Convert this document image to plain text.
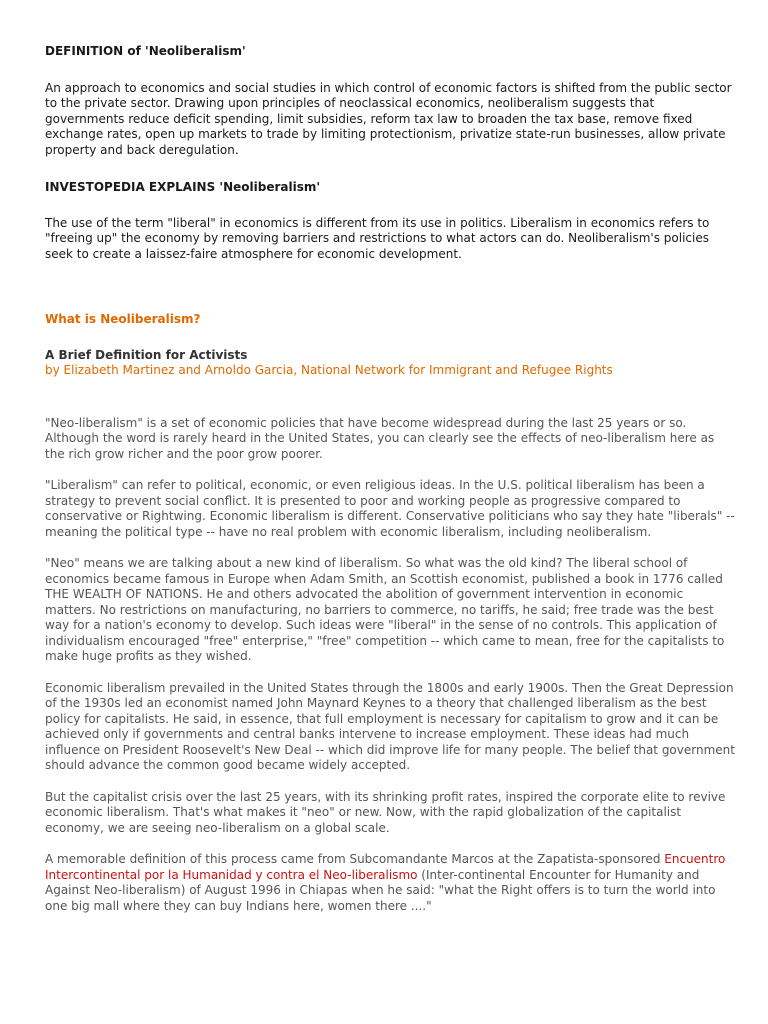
DEFINITION of 'Neoliberalism'

An approach to economics and social studies in which control of economic factors is shifted from the public sector to the private sector. Drawing upon principles of neoclassical economics, neoliberalism suggests that governments reduce deficit spending, limit subsidies, reform tax law to broaden the tax base, remove fixed exchange rates, open up markets to trade by limiting protectionism, privatize state-run businesses, allow private property and back deregulation.

INVESTOPEDIA EXPLAINS 'Neoliberalism'

The use of the term "liberal" in economics is different from its use in politics. Liberalism in economics refers to "freeing up" the economy by removing barriers and restrictions to what actors can do. Neoliberalism's policies seek to create a laissez-faire atmosphere for economic development.

What is Neoliberalism?

A Brief Definition for Activists

by Elizabeth Martinez and Arnoldo Garcia, National Network for Immigrant and Refugee Rights

"Neo-liberalism" is a set of economic policies that have become widespread during the last 25 years or so. Although the word is rarely heard in the United States, you can clearly see the effects of neo-liberalism here as the rich grow richer and the poor grow poorer.

"Liberalism" can refer to political, economic, or even religious ideas. In the U.S. political liberalism has been a strategy to prevent social conflict. It is presented to poor and working people as progressive compared to conservative or Rightwing. Economic liberalism is different. Conservative politicians who say they hate "liberals" -- meaning the political type -- have no real problem with economic liberalism, including neoliberalism.

"Neo" means we are talking about a new kind of liberalism. So what was the old kind? The liberal school of economics became famous in Europe when Adam Smith, an Scottish economist, published a book in 1776 called THE WEALTH OF NATIONS. He and others advocated the abolition of government intervention in economic matters. No restrictions on manufacturing, no barriers to commerce, no tariffs, he said; free trade was the best way for a nation's economy to develop. Such ideas were "liberal" in the sense of no controls. This application of individualism encouraged "free" enterprise," "free" competition -- which came to mean, free for the capitalists to make huge profits as they wished.

Economic liberalism prevailed in the United States through the 1800s and early 1900s. Then the Great Depression of the 1930s led an economist named John Maynard Keynes to a theory that challenged liberalism as the best policy for capitalists. He said, in essence, that full employment is necessary for capitalism to grow and it can be achieved only if governments and central banks intervene to increase employment. These ideas had much influence on President Roosevelt's New Deal -- which did improve life for many people. The belief that government should advance the common good became widely accepted.

But the capitalist crisis over the last 25 years, with its shrinking profit rates, inspired the corporate elite to revive economic liberalism. That's what makes it "neo" or new. Now, with the rapid globalization of the capitalist economy, we are seeing neo-liberalism on a global scale.

A memorable definition of this process came from Subcomandante Marcos at the Zapatista-sponsored Encuentro Intercontinental por la Humanidad y contra el Neo-liberalismo (Inter-continental Encounter for Humanity and Against Neo-liberalism) of August 1996 in Chiapas when he said: "what the Right offers is to turn the world into one big mall where they can buy Indians here, women there ...."
